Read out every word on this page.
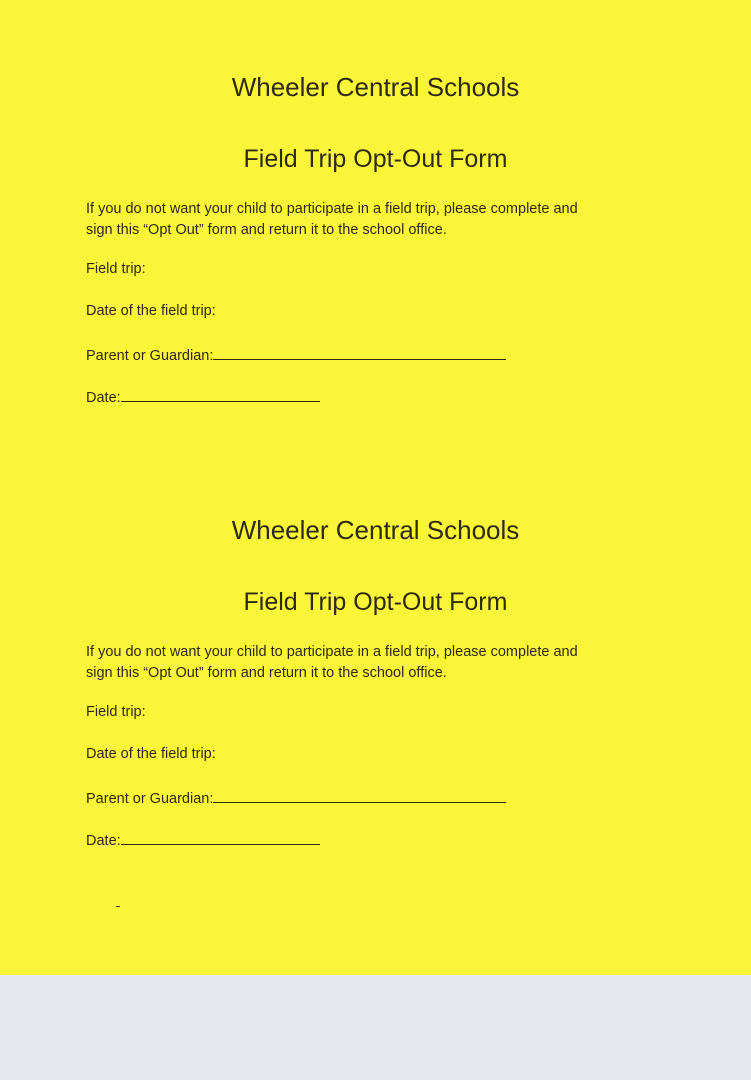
Wheeler Central Schools
Field Trip Opt-Out Form
If you do not want your child to participate in a field trip, please complete and
sign this “Opt Out” form and return it to the school office.
Field trip:
Date of the field trip:
Parent or Guardian:
Date:
Wheeler Central Schools
Field Trip Opt-Out Form
If you do not want your child to participate in a field trip, please complete and
sign this “Opt Out” form and return it to the school office.
Field trip:
Date of the field trip:
Parent or Guardian:
Date:
